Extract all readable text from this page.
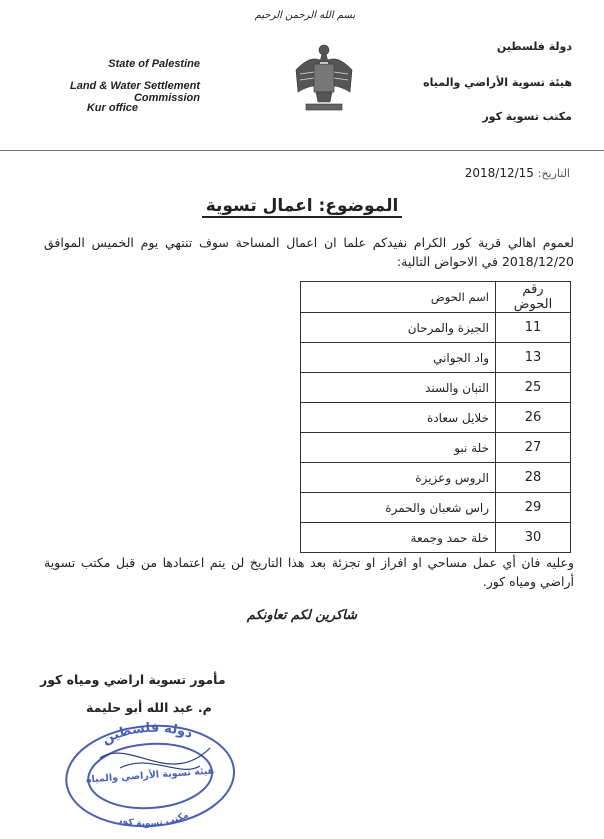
بسم الله الرحمن الرحيم
State of Palestine
Land & Water Settlement Commission
Kur office
دولة فلسطين
هيئة تسوية الأراضي والمياه
مكتب تسوية كور
التاريخ: 2018/12/15
الموضوع: اعمال تسوية
لعموم اهالي قرية كور الكرام نفيدكم علما ان اعمال المساحة سوف تنتهي يوم الخميس الموافق 2018/12/20 في الاحواض التالية:
رقم الحوض	اسم الحوض
11	الجيزة والمرحان
13	واد الجواني
25	التبان والسند
26	خلايل سعادة
27	خلة نبو
28	الروس وعزيزة
29	راس شعبان والحمرة
30	خلة حمد وجمعة
وعليه فان أي عمل مساحي او افراز او تجزئة بعد هذا التاريخ لن يتم اعتمادها من قبل مكتب تسوية أراضي ومياه كور.
شاكرين لكم تعاونكم
مأمور تسوية اراضي ومياه كور
م. عبد الله أبو حليمة
دولة فلسطين
هيئة تسوية الأراضي والمياه
مكتب تسوية كور
